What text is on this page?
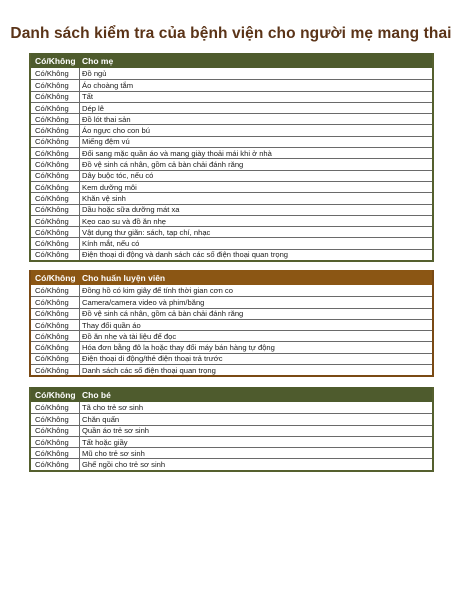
Danh sách kiểm tra của bệnh viện cho người mẹ mang thai
Có/Không Cho mẹ
Có/Không	Đồ ngủ
Có/Không	Áo choàng tắm
Có/Không	Tất
Có/Không	Dép lê
Có/Không	Đồ lót thai sản
Có/Không	Áo ngực cho con bú
Có/Không	Miếng đệm vú
Có/Không	Đổi sang mặc quần áo và mang giày thoải mái khi ở nhà
Có/Không	Đồ vệ sinh cá nhân, gồm cả bàn chải đánh răng
Có/Không	Dây buộc tóc, nếu có
Có/Không	Kem dưỡng môi
Có/Không	Khăn vệ sinh
Có/Không	Dầu hoặc sữa dưỡng mát xa
Có/Không	Kẹo cao su và đồ ăn nhẹ
Có/Không	Vật dụng thư giãn: sách, tạp chí, nhạc
Có/Không	Kính mắt, nếu có
Có/Không	Điện thoại di động và danh sách các số điện thoại quan trọng
Có/Không Cho huấn luyện viên
Có/Không	Đồng hồ có kim giây để tính thời gian cơn co
Có/Không	Camera/camera video và phim/băng
Có/Không	Đồ vệ sinh cá nhân, gồm cả bàn chải đánh răng
Có/Không	Thay đổi quần áo
Có/Không	Đồ ăn nhẹ và tài liệu để đọc
Có/Không	Hóa đơn bằng đô la hoặc thay đổi máy bán hàng tự động
Có/Không	Điện thoại di động/thẻ điện thoại trả trước
Có/Không	Danh sách các số điện thoại quan trọng
Có/Không Cho bé
Có/Không	Tã cho trẻ sơ sinh
Có/Không	Chăn quấn
Có/Không	Quần áo trẻ sơ sinh
Có/Không	Tất hoặc giầy
Có/Không	Mũ cho trẻ sơ sinh
Có/Không	Ghế ngồi cho trẻ sơ sinh
